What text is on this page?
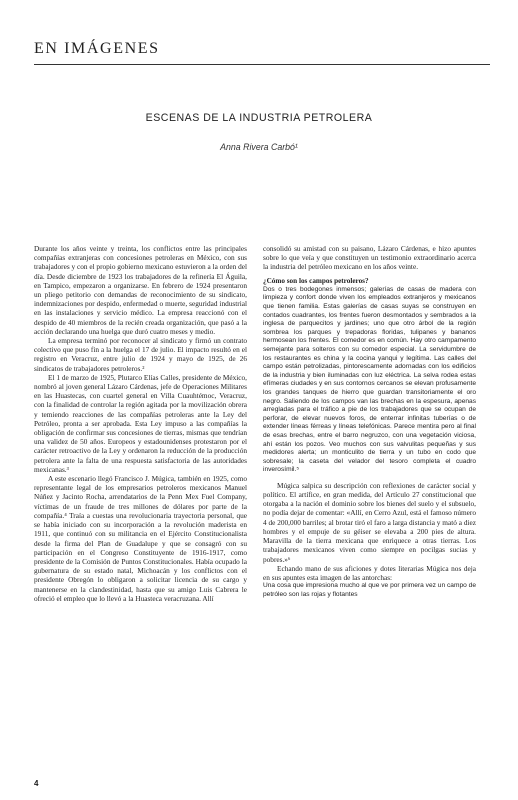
EN IMÁGENES
ESCENAS DE LA INDUSTRIA PETROLERA
Anna Rivera Carbó¹

Durante los años veinte y treinta, los conflictos entre las principales compañías extranjeras con concesiones petroleras en México, con sus trabajadores y con el propio gobierno mexicano estuvieron a la orden del día. Desde diciembre de 1923 los trabajadores de la refinería El Águila, en Tampico, empezaron a organizarse. En febrero de 1924 presentaron un pliego petitorio con demandas de reconocimiento de su sindicato, indemnizaciones por despido, enfermedad o muerte, seguridad industrial en las instalaciones y servicio médico. La empresa reaccionó con el despido de 40 miembros de la recién creada organización, que pasó a la acción declarando una huelga que duró cuatro meses y medio.

La empresa terminó por reconocer al sindicato y firmó un contrato colectivo que puso fin a la huelga el 17 de julio. El impacto resultó en el registro en Veracruz, entre julio de 1924 y mayo de 1925, de 26 sindicatos de trabajadores petroleros.²

El 1 de marzo de 1925, Plutarco Elías Calles, presidente de México, nombró al joven general Lázaro Cárdenas, jefe de Operaciones Militares en las Huastecas, con cuartel general en Villa Cuauhtémoc, Veracruz, con la finalidad de controlar la región agitada por la movilización obrera y temiendo reacciones de las compañías petroleras ante la Ley del Petróleo, pronta a ser aprobada. Esta Ley impuso a las compañías la obligación de confirmar sus concesiones de tierras, mismas que tendrían una validez de 50 años. Europeos y estadounidenses protestaron por el carácter retroactivo de la Ley y ordenaron la reducción de la producción petrolera ante la falta de una respuesta satisfactoria de las autoridades mexicanas.³

A este escenario llegó Francisco J. Múgica, también en 1925, como representante legal de los empresarios petroleros mexicanos Manuel Núñez y Jacinto Rocha, arrendatarios de la Penn Mex Fuel Company, víctimas de un fraude de tres millones de dólares por parte de la compañía.⁴ Traía a cuestas una revolucionaria trayectoria personal, que se había iniciado con su incorporación a la revolución maderista en 1911, que continuó con su militancia en el Ejército Constitucionalista desde la firma del Plan de Guadalupe y que se consagró con su participación en el Congreso Constituyente de 1916-1917, como presidente de la Comisión de Puntos Constitucionales. Había ocupado la gubernatura de su estado natal, Michoacán y los conflictos con el presidente Obregón lo obligaron a solicitar licencia de su cargo y mantenerse en la clandestinidad, hasta que su amigo Luis Cabrera le ofreció el empleo que lo llevó a la Huasteca veracruzana. Allí

consolidó su amistad con su paisano, Lázaro Cárdenas, e hizo apuntes sobre lo que veía y que constituyen un testimonio extraordinario acerca la industria del petróleo mexicano en los años veinte.

¿Cómo son los campos petroleros?

Dos o tres bodegones inmensos; galerías de casas de madera con limpieza y confort donde viven los empleados extranjeros y mexicanos que tienen familia. Estas galerías de casas suyas se construyen en contados cuadrantes, los frentes fueron desmontados y sembrados a la inglesa de parquecitos y jardines; uno que otro árbol de la región sombrea los parques y trepadoras floridas, tulipanes y bananos hermosean los frentes. El comedor es en común. Hay otro campamento semejante para solteros con su comedor especial. La servidumbre de los restaurantes es china y la cocina yanqui y legítima. Las calles del campo están petrolizadas, pintorescamente adornadas con los edificios de la industria y bien iluminadas con luz eléctrica. La selva rodea estas efímeras ciudades y en sus contornos cercanos se elevan profusamente los grandes tanques de hierro que guardan transitoriamente el oro negro. Saliendo de los campos van las brechas en la espesura, apenas arregladas para el tráfico a pie de los trabajadores que se ocupan de perforar, de elevar nuevos foros, de enterrar infinitas tuberías o de extender líneas férreas y líneas telefónicas. Parece mentira pero al final de esas brechas, entre el barro negruzco, con una vegetación viciosa, ahí están los pozos. Veo muchos con sus valvulitas pequeñas y sus medidores alerta; un monticulito de tierra y un tubo en codo que sobresale; la caseta del velador del tesoro completa el cuadro inverosímil.⁵

Múgica salpica su descripción con reflexiones de carácter social y político. El artífice, en gran medida, del Artículo 27 constitucional que otorgaba a la nación el dominio sobre los bienes del suelo y el subsuelo, no podía dejar de comentar: «Allí, en Cerro Azul, está el famoso número 4 de 200,000 barriles; al brotar tiró el faro a larga distancia y mató a diez hombres y el empuje de su géiser se elevaba a 200 pies de altura. Maravilla de la tierra mexicana que enriquece a otras tierras. Los trabajadores mexicanos viven como siempre en pocilgas sucias y pobres.»⁶

Echando mano de sus aficiones y dotes literarias Múgica nos deja en sus apuntes esta imagen de las antorchas:

Una cosa que impresiona mucho al que ve por primera vez un campo de petróleo son las rojas y flotantes

4
